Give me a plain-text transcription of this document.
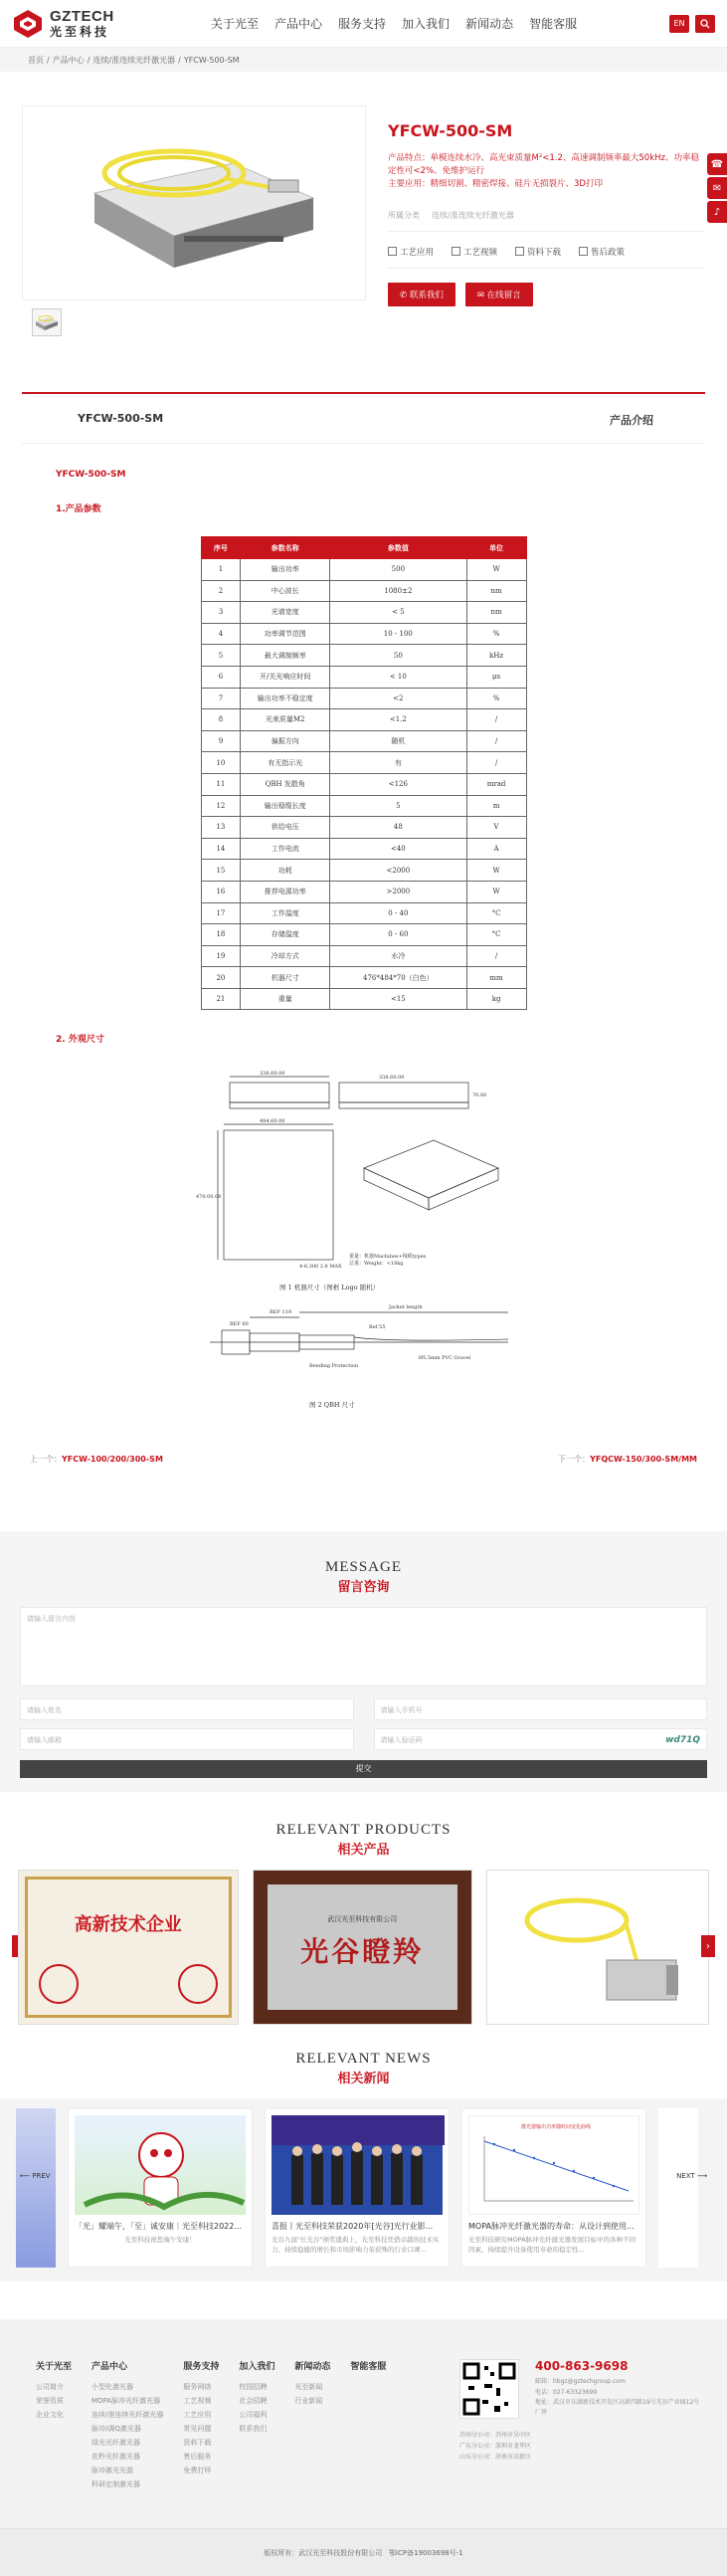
GZTECH
光至科技
关于光至 产品中心 服务支持 加入我们 新闻动态 智能客服	EN
首页 / 产品中心 / 连续/准连续光纤激光器 / YFCW-500-SM
☎
✉
♪
YFCW-500-SM
产品特点：单模连续水冷、高光束质量M²<1.2、高速调制频率最大50kHz、功率稳定性可<2%、免维护运行
主要应用：精细切割、精密焊接、硅片无损裂片、3D打印
所属分类 连续/准连续光纤激光器
工艺应用	工艺视频	资料下载	售后政策
✆ 联系我们	✉ 在线留言
YFCW-500-SM	产品介绍
YFCW-500-SM
1.产品参数
序号	参数名称	参数值	单位
1	输出功率	500	W
2	中心波长	1080±2	nm
3	光谱宽度	< 5	nm
4	功率调节范围	10 - 100	%
5	最大调制频率	50	kHz
6	开/关光响应时间	< 10	μs
7	输出功率不稳定度	<2	%
8	光束质量M2	<1.2	/
9	偏振方向	随机	/
10	有无指示光	有	/
11	QBH 发散角	<126	mrad
12	输出稳缆长度	5	m
13	供给电压	48	V
14	工作电流	<40	A
15	功耗	<2000	W
16	推荐电源功率	>2000	W
17	工作温度	0 - 40	°C
18	存储温度	0 - 60	°C
19	冷却方式	水冷	/
20	机器尺寸	476*484*70（白色）	mm
21	重量	<15	kg
2. 外观尺寸
338.60.00
338.60.00
470.00.00
484.60.00
70.00
4-6.300 2.8 MAX
重量：机器Machines+线缆types
总重：Weight：<18kg
图 1 机器尺寸（图框 Logo 随机）
REF 119
Jacket length
Ref 55
REF 60
Bending Protection
Ø5.5mm PVC Gravel
图 2 QBH 尺寸
上一个：YFCW-100/200/300-SM	下一个：YFQCW-150/300-SM/MM
MESSAGE
留言咨询
请输入留言内容
请输入姓名	请输入手机号
请输入邮箱	请输入验证码	wd71Q
提交
RELEVANT PRODUCTS
相关产品
高新技术企业	武汉光至科技有限公司
光谷瞪羚	›
RELEVANT NEWS
相关新闻
「光」耀端午，「至」诚安康｜光至科技2022...
光至科技祝您端午安康！
喜报丨光至科技荣获2020年[光谷]光行业影...
光谷九届"长光谷"颁奖盛典上，光至科技凭借卓越的技术实力、持续稳健的增长和市场影响力荣获殊的行业口碑...
激光器输出功率随时间变化曲线
MOPA脉冲光纤激光器的寿命：从设计到使用...
光至科技研究MOPA脉冲光纤激光器发展目标中的各种不同因素，持续提升设备使用寿命的稳定性...
⟵ PREV	NEXT ⟶
关于光至
公司简介
荣誉资质
企业文化
产品中心
小型化激光器
MOPA脉冲光纤激光器
连续/准连续光纤激光器
脉冲/调Q激光器
绿光光纤激光器
皮秒光纤激光器
脉冲激光光源
科研定制激光器
服务支持
服务网络
工艺视频
工艺应用
常见问题
资料下载
售后服务
免费打样
加入我们
校园招聘
社会招聘
公司福利
联系我们
新闻动态
光至新闻
行业新闻
智能客服	400-863-9698
邮箱：hbgz@gztechgroup.com
电话：027-63323699
地址：武汉市东湖新技术开发区高新四路19号光谷产业园12号厂房
苏州分公司：苏州市吴中区
广东分公司：深圳市龙华区
山东分公司：济南市高新区
版权所有：武汉光至科技股份有限公司
鄂ICP备19003698号-1
